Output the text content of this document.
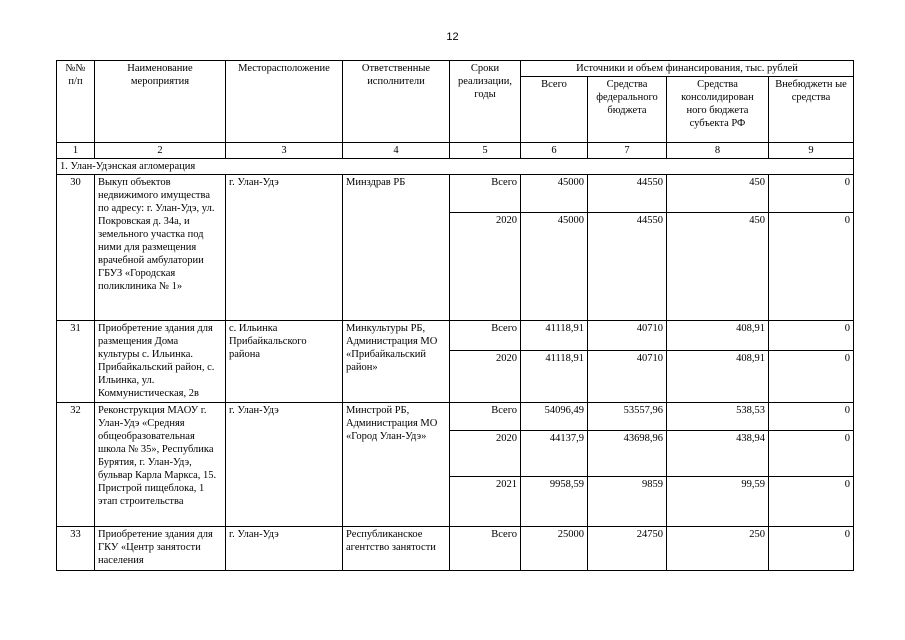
12
№№ п/п	Наименование мероприятия	Месторасположение	Ответственные исполнители	Сроки реализации, годы	Источники и объем финансирования, тыс. рублей			
					Всего	Средства федерального бюджета	Средства консолидирован ного бюджета субъекта РФ	Внебюджетн ые средства
1	2	3	4	5	6	7	8	9
1. Улан-Удэнская агломерация								
30	Выкуп объектов недвижимого имущества по адресу: г. Улан-Удэ, ул. Покровская д. 34а, и земельного участка под ними для размещения врачебной амбулатории ГБУЗ «Городская поликлиника № 1»	г. Улан-Удэ	Минздрав РБ	Всего	45000	44550	450	0
				2020	45000	44550	450	0
31	Приобретение здания для размещения Дома культуры с. Ильинка. Прибайкальский район, с. Ильинка, ул. Коммунистическая, 2в	с. Ильинка Прибайкальского района	Минкультуры РБ, Администрация МО «Прибайкальский район»	Всего	41118,91	40710	408,91	0
				2020	41118,91	40710	408,91	0
32	Реконструкция МАОУ г. Улан-Удэ «Средняя общеобразовательная школа № 35», Республика Бурятия, г. Улан-Удэ, бульвар Карла Маркса, 15. Пристрой пищеблока, 1 этап строительства	г. Улан-Удэ	Минстрой РБ, Администрация МО «Город Улан-Удэ»	Всего	54096,49	53557,96	538,53	0
				2020	44137,9	43698,96	438,94	0
				2021	9958,59	9859	99,59	0
33	Приобретение здания для ГКУ «Центр занятости населения	г. Улан-Удэ	Республиканское агентство занятости	Всего	25000	24750	250	0
